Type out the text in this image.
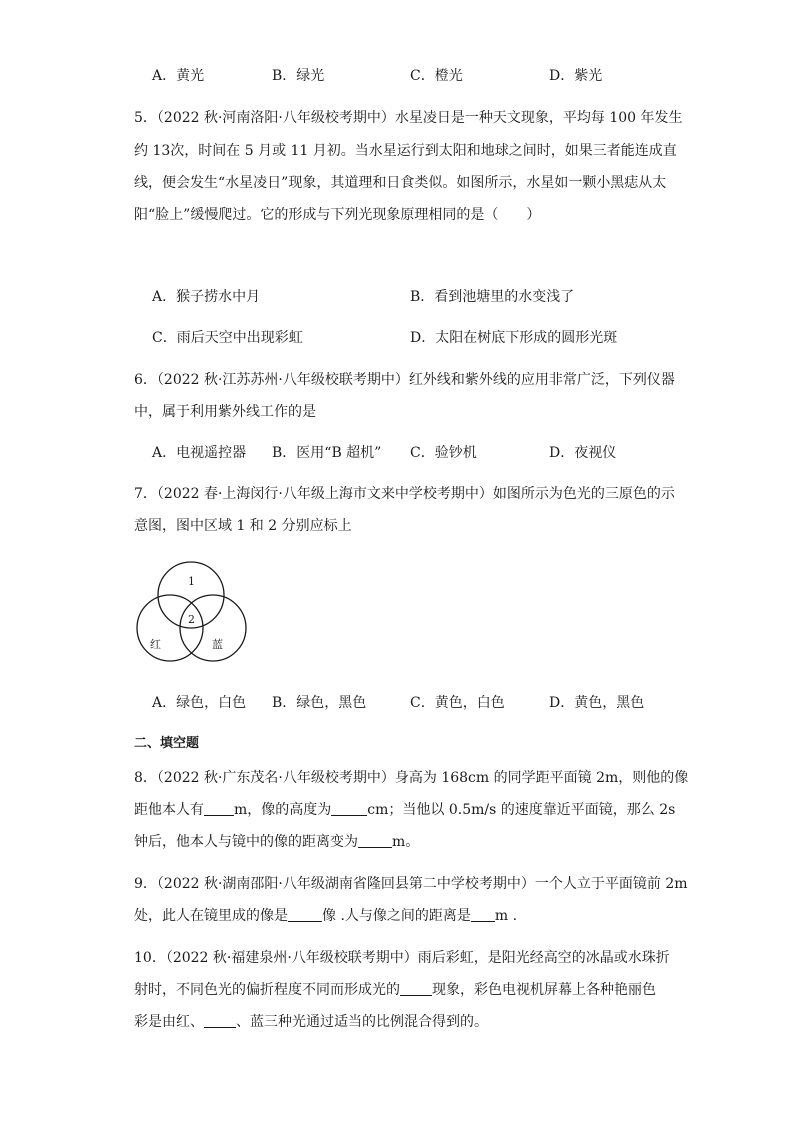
A．黄光	B．绿光	C．橙光	D．紫光
5．（2022 秋·河南洛阳·八年级校考期中）水星凌日是一种天文现象，平均每 100 年发生
约 13次，时间在 5 月或 11 月初。当水星运行到太阳和地球之间时，如果三者能连成直
线，便会发生“水星凌日”现象，其道理和日食类似。如图所示，水星如一颗小黑痣从太
阳“脸上”缓慢爬过。它的形成与下列光现象原理相同的是（　　）
A．猴子捞水中月	B．看到池塘里的水变浅了
C．雨后天空中出现彩虹	D．太阳在树底下形成的圆形光斑
6．（2022 秋·江苏苏州·八年级校联考期中）红外线和紫外线的应用非常广泛，下列仪器
中，属于利用紫外线工作的是
A．电视遥控器 B．医用“B 超机” C．验钞机	D．夜视仪
7．（2022 春·上海闵行·八年级上海市文来中学校考期中）如图所示为色光的三原色的示
意图，图中区域 1 和 2 分别应标上
1
2
红	蓝
A．绿色，白色 B．绿色，黑色	C．黄色，白色	D．黄色，黑色
二、填空题
8．（2022 秋·广东茂名·八年级校考期中）身高为 168cm 的同学距平面镜 2m，则他的像
距他本人有 m，像的高度为	cm；当他以 0.5m/s 的速度靠近平面镜，那么 2s
钟后，他本人与镜中的像的距离变为 m。
9．（2022 秋·湖南邵阳·八年级湖南省隆回县第二中学校考期中）一个人立于平面镜前 2m
处，此人在镜里成的像是 像 .人与像之间的距离是 m .
10．（2022 秋·福建泉州·八年级校联考期中）雨后彩虹，是阳光经高空的冰晶或水珠折
射时，不同色光的偏折程度不同而形成光的 现象，彩色电视机屏幕上各种艳丽色
彩是由红、 、蓝三种光通过适当的比例混合得到的。
